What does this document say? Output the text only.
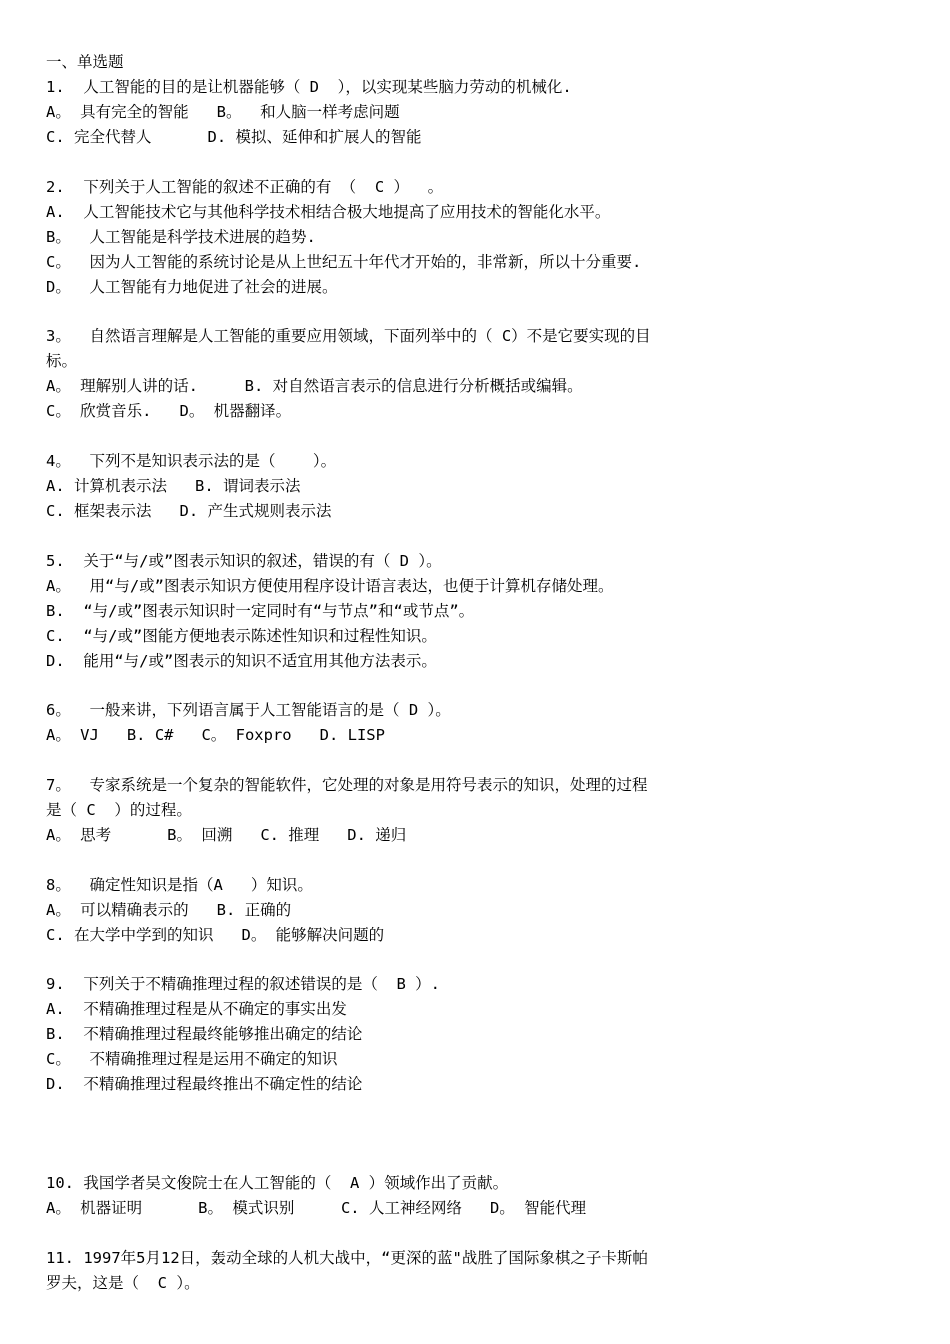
一、单选题
1.  人工智能的目的是让机器能够（ D  ），以实现某些脑力劳动的机械化.
A。 具有完全的智能   B。  和人脑一样考虑问题
C. 完全代替人      D. 模拟、延伸和扩展人的智能
2.  下列关于人工智能的叙述不正确的有 （  C ）  。
A.  人工智能技术它与其他科学技术相结合极大地提高了应用技术的智能化水平。
B。  人工智能是科学技术进展的趋势.
C。  因为人工智能的系统讨论是从上世纪五十年代才开始的，非常新，所以十分重要.
D。  人工智能有力地促进了社会的进展。
3。  自然语言理解是人工智能的重要应用领域，下面列举中的（ C）不是它要实现的目
标。
A。 理解别人讲的话.     B. 对自然语言表示的信息进行分析概括或编辑。
C。 欣赏音乐.   D。 机器翻译。
4。  下列不是知识表示法的是（    ）。
A. 计算机表示法   B. 谓词表示法
C. 框架表示法   D. 产生式规则表示法
5.  关于“与/或”图表示知识的叙述，错误的有（ D ）。
A。  用“与/或”图表示知识方便使用程序设计语言表达，也便于计算机存储处理。
B.  “与/或”图表示知识时一定同时有“与节点”和“或节点”。
C.  “与/或”图能方便地表示陈述性知识和过程性知识。
D.  能用“与/或”图表示的知识不适宜用其他方法表示。
6。  一般来讲，下列语言属于人工智能语言的是（ D ）。
A。 VJ   B. C#   C。 Foxpro   D. LISP
7。  专家系统是一个复杂的智能软件，它处理的对象是用符号表示的知识，处理的过程
是（ C  ）的过程。
A。 思考      B。 回溯   C. 推理   D. 递归
8。  确定性知识是指（A   ）知识。
A。 可以精确表示的   B. 正确的
C. 在大学中学到的知识   D。 能够解决问题的
9.  下列关于不精确推理过程的叙述错误的是（  B ）.
A.  不精确推理过程是从不确定的事实出发
B.  不精确推理过程最终能够推出确定的结论
C。  不精确推理过程是运用不确定的知识
D.  不精确推理过程最终推出不确定性的结论
10. 我国学者吴文俊院士在人工智能的（  A ）领域作出了贡献。
A。 机器证明      B。 模式识别     C. 人工神经网络   D。 智能代理
11. 1997年5月12日，轰动全球的人机大战中，“更深的蓝"战胜了国际象棋之子卡斯帕
罗夫，这是（  C ）。
